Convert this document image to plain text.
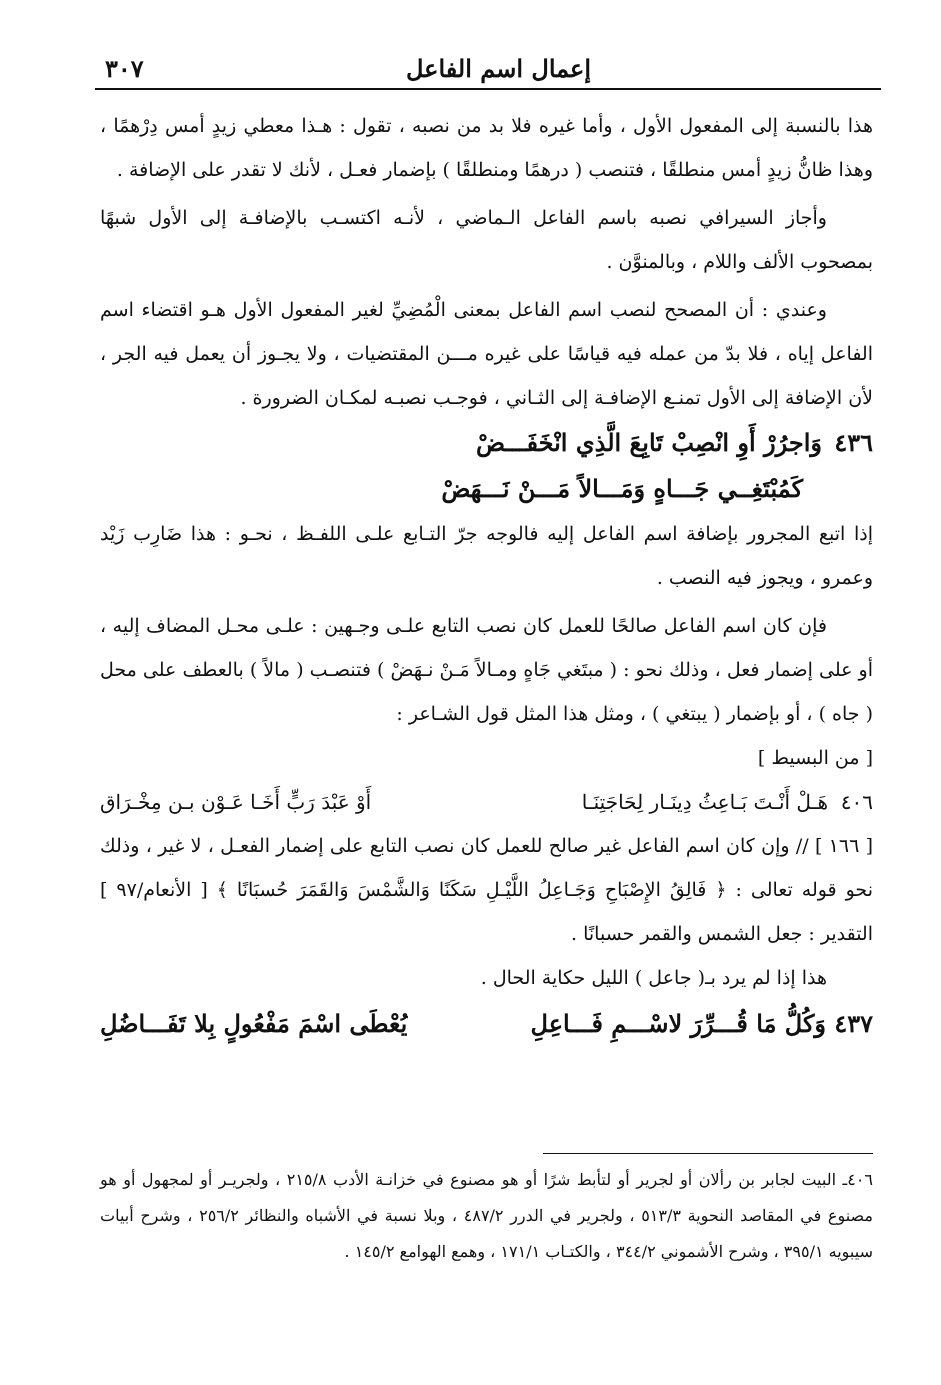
إعمال اسم الفاعل
٣٠٧

هذا بالنسبة إلى المفعول الأول ، وأما غيره فلا بد من نصبه ، تقول : هـذا معطي زيدٍ أمس دِرْهمًا ، وهذا ظانُّ زيدٍ أمس منطلقًا ، فتنصب ( درهمًا ومنطلقًا ) بإضمار فعـل ، لأنك لا تقدر على الإضافة .

وأجاز السيرافي نصبه باسم الفاعل الـماضي ، لأنـه اكتسـب بالإضافـة إلى الأول شبهًا بمصحوب الألف واللام ، وبالمنوَّن .

وعندي : أن المصحح لنصب اسم الفاعل بمعنى الْمُضِيِّ لغير المفعول الأول هـو اقتضاء اسم الفاعل إياه ، فلا بدّ من عمله فيه قياسًا على غيره مـــن المقتضيات ، ولا يجـوز أن يعمل فيه الجر ، لأن الإضافة إلى الأول تمنـع الإضافـة إلى الثـاني ، فوجـب نصبـه لمكـان الضرورة .

٤٣٦ وَاجرُرْ أَوِ انْصِبْ تَابِعَ الَّذِي انْخَفَـــضْ
كَمُبْتَغِــي جَـــاهٍ وَمَـــالاً مَـــنْ نَـــهَضْ

إذا اتبع المجرور بإضافة اسم الفاعل إليه فالوجه جرّ التـابع علـى اللفـظ ، نحـو : هذا ضَارِب زَيْد وعمرو ، ويجوز فيه النصب .

فإن كان اسم الفاعل صالحًا للعمل كان نصب التابع علـى وجـهين : علـى محـل المضاف إليه ، أو على إضمار فعل ، وذلك نحو : ( مبتَغي جَاهٍ ومـالاً مَـنْ نـهَضْ ) فتنصـب ( مالاً ) بالعطف على محل ( جاه ) ، أو بإضمار ( يبتغي ) ، ومثل هذا المثل قول الشـاعر :

[ من البسيط ]

٤٠٦
هَـلْ أَنْـتَ بَـاعِثُ دِينَـار لِحَاجَتِنَـا
أَوْ عَبْدَ رَبٍّ أَخَـا عَـوْن بـن مِخْـرَاق

[ ١٦٦ ] // وإن كان اسم الفاعل غير صالح للعمل كان نصب التابع على إضمار الفعـل ، لا غير ، وذلك نحو قوله تعالى : ﴿ فَالِقُ الإِصْبَاحِ وَجَـاعِلُ اللَّيْـلِ سَكَنًا وَالشَّمْسَ وَالقَمَرَ حُسبَانًا ﴾ [ الأنعام/٩٧ ] التقدير : جعل الشمس والقمر حسبانًا .

هذا إذا لم يرد بـ( جاعل ) الليل حكاية الحال .

٤٣٧ وَكُلُّ مَا قُـــرِّرَ لاسْـــمِ فَـــاعِلِ
يُعْطَى اسْمَ مَفْعُولٍ بِلا تَفَـــاضُلِ

٤٠٦ـ البيت لجابر بن رألان أو لجرير أو لتأبط شرًا أو هو مصنوع في خزانـة الأدب ٢١٥/٨ ، ولجريـر أو لمجهول أو هو مصنوع في المقاصد النحوية ٥١٣/٣ ، ولجرير في الدرر ٤٨٧/٢ ، وبلا نسبة في الأشباه والنظائر ٢٥٦/٢ ، وشرح أبيات سيبويه ٣٩٥/١ ، وشرح الأشموني ٣٤٤/٢ ، والكتـاب ١٧١/١ ، وهمع الهوامع ١٤٥/٢ .
